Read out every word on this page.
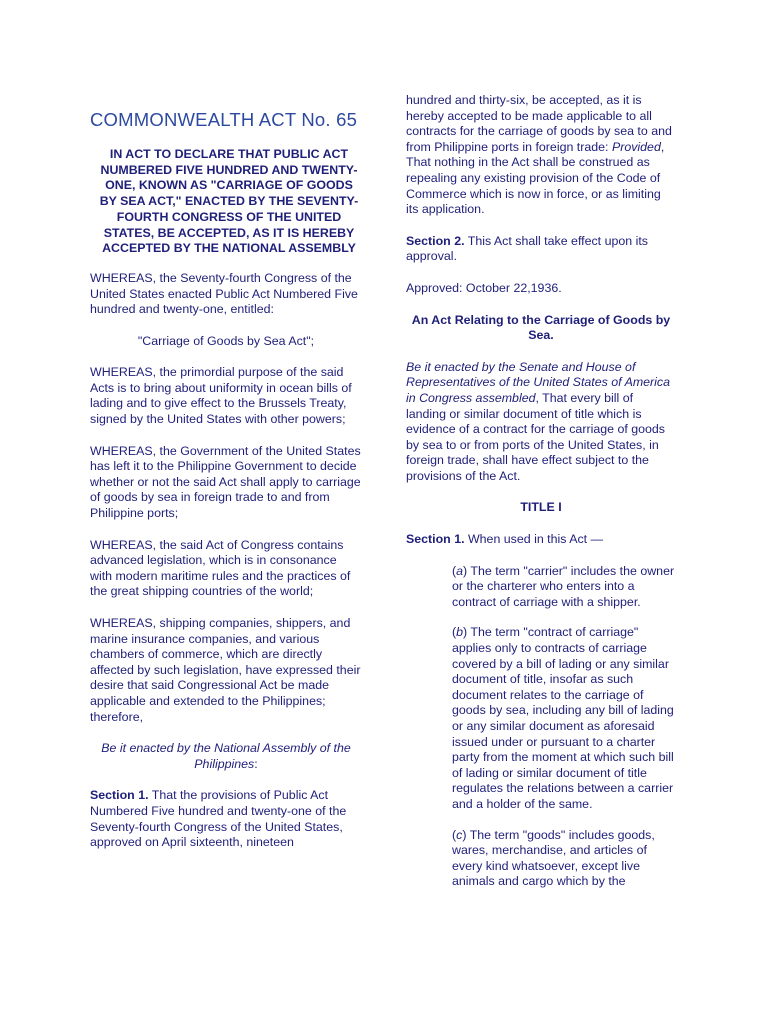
COMMONWEALTH ACT No. 65

IN ACT TO DECLARE THAT PUBLIC ACT NUMBERED FIVE HUNDRED AND TWENTY-ONE, KNOWN AS "CARRIAGE OF GOODS BY SEA ACT," ENACTED BY THE SEVENTY-FOURTH CONGRESS OF THE UNITED STATES, BE ACCEPTED, AS IT IS HEREBY ACCEPTED BY THE NATIONAL ASSEMBLY

WHEREAS, the Seventy-fourth Congress of the United States enacted Public Act Numbered Five hundred and twenty-one, entitled:

"Carriage of Goods by Sea Act";

WHEREAS, the primordial purpose of the said Acts is to bring about uniformity in ocean bills of lading and to give effect to the Brussels Treaty, signed by the United States with other powers;

WHEREAS, the Government of the United States has left it to the Philippine Government to decide whether or not the said Act shall apply to carriage of goods by sea in foreign trade to and from Philippine ports;

WHEREAS, the said Act of Congress contains advanced legislation, which is in consonance with modern maritime rules and the practices of the great shipping countries of the world;

WHEREAS, shipping companies, shippers, and marine insurance companies, and various chambers of commerce, which are directly affected by such legislation, have expressed their desire that said Congressional Act be made applicable and extended to the Philippines; therefore,

Be it enacted by the National Assembly of the Philippines:

Section 1. That the provisions of Public Act Numbered Five hundred and twenty-one of the Seventy-fourth Congress of the United States, approved on April sixteenth, nineteen

hundred and thirty-six, be accepted, as it is hereby accepted to be made applicable to all contracts for the carriage of goods by sea to and from Philippine ports in foreign trade: Provided, That nothing in the Act shall be construed as repealing any existing provision of the Code of Commerce which is now in force, or as limiting its application.

Section 2. This Act shall take effect upon its approval.

Approved: October 22,1936.

An Act Relating to the Carriage of Goods by Sea.

Be it enacted by the Senate and House of Representatives of the United States of America in Congress assembled, That every bill of landing or similar document of title which is evidence of a contract for the carriage of goods by sea to or from ports of the United States, in foreign trade, shall have effect subject to the provisions of the Act.

TITLE I

Section 1. When used in this Act —

(a) The term "carrier" includes the owner or the charterer who enters into a contract of carriage with a shipper.

(b) The term "contract of carriage" applies only to contracts of carriage covered by a bill of lading or any similar document of title, insofar as such document relates to the carriage of goods by sea, including any bill of lading or any similar document as aforesaid issued under or pursuant to a charter party from the moment at which such bill of lading or similar document of title regulates the relations between a carrier and a holder of the same.

(c) The term "goods" includes goods, wares, merchandise, and articles of every kind whatsoever, except live animals and cargo which by the
